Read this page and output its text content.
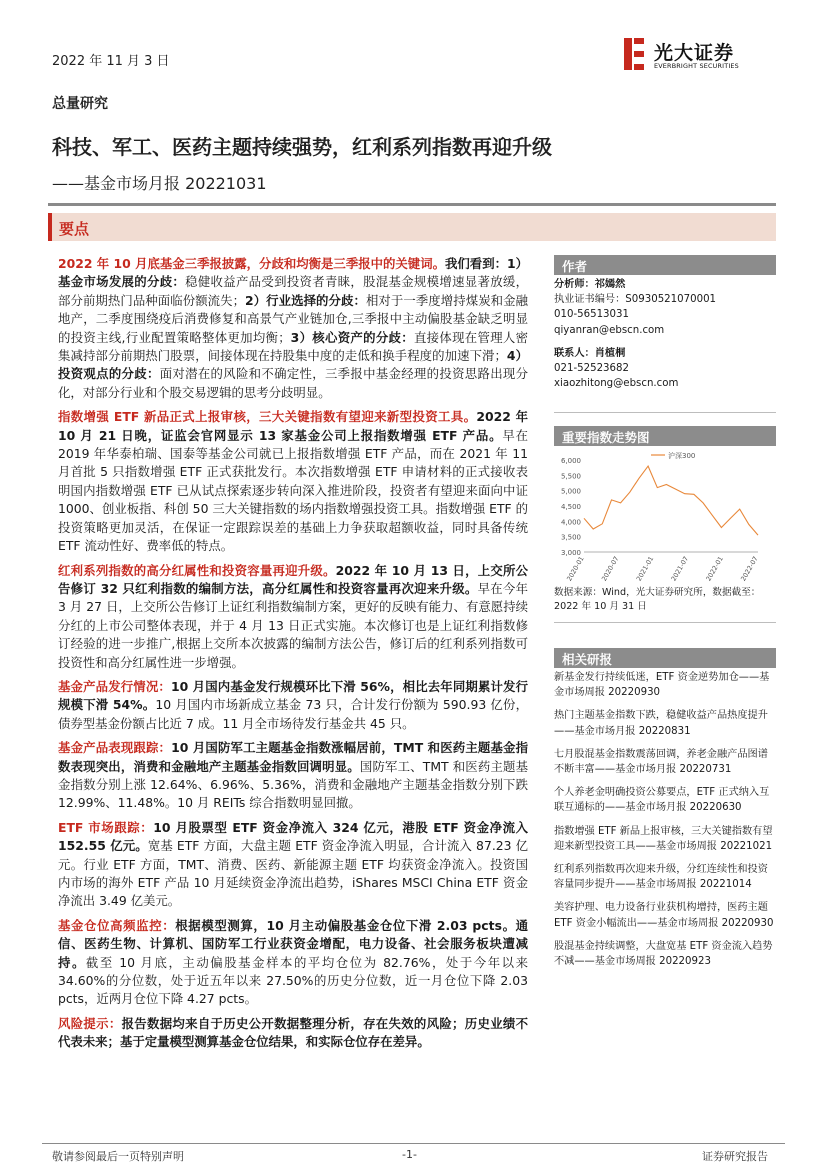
2022 年 11 月 3 日	光大证券
EVERBRIGHT SECURITIES
总量研究
科技、军工、医药主题持续强势，红利系列指数再迎升级
——基金市场月报 20221031
要点

2022 年 10 月底基金三季报披露，分歧和均衡是三季报中的关键词。我们看到：1）基金市场发展的分歧：稳健收益产品受到投资者青睐，股混基金规模增速显著放缓，部分前期热门品种面临份额流失；2）行业选择的分歧：相对于一季度增持煤炭和金融地产，二季度围绕疫后消费修复和高景气产业链加仓,三季报中主动偏股基金缺乏明显的投资主线,行业配置策略整体更加均衡；3）核心资产的分歧：直接体现在管理人密集减持部分前期热门股票，间接体现在持股集中度的走低和换手程度的加速下滑；4）投资观点的分歧：面对潜在的风险和不确定性，三季报中基金经理的投资思路出现分化，对部分行业和个股交易逻辑的思考分歧明显。

指数增强 ETF 新品正式上报审核，三大关键指数有望迎来新型投资工具。2022 年 10 月 21 日晚，证监会官网显示 13 家基金公司上报指数增强 ETF 产品。早在 2019 年华泰柏瑞、国泰等基金公司就已上报指数增强 ETF 产品，而在 2021 年 11 月首批 5 只指数增强 ETF 正式获批发行。本次指数增强 ETF 申请材料的正式接收表明国内指数增强 ETF 已从试点探索逐步转向深入推进阶段，投资者有望迎来面向中证 1000、创业板指、科创 50 三大关键指数的场内指数增强投资工具。指数增强 ETF 的投资策略更加灵活，在保证一定跟踪误差的基础上力争获取超额收益，同时具备传统 ETF 流动性好、费率低的特点。

红利系列指数的高分红属性和投资容量再迎升级。2022 年 10 月 13 日，上交所公告修订 32 只红利指数的编制方法，高分红属性和投资容量再次迎来升级。早在今年 3 月 27 日，上交所公告修订上证红利指数编制方案，更好的反映有能力、有意愿持续分红的上市公司整体表现，并于 4 月 13 日正式实施。本次修订也是上证红利指数修订经验的进一步推广,根据上交所本次披露的编制方法公告，修订后的红利系列指数可投资性和高分红属性进一步增强。

基金产品发行情况：10 月国内基金发行规模环比下滑 56%，相比去年同期累计发行规模下滑 54%。10 月国内市场新成立基金 73 只，合计发行份额为 590.93 亿份，债券型基金份额占比近 7 成。11 月全市场待发行基金共 45 只。

基金产品表现跟踪：10 月国防军工主题基金指数涨幅居前，TMT 和医药主题基金指数表现突出，消费和金融地产主题基金指数回调明显。国防军工、TMT 和医药主题基金指数分别上涨 12.64%、6.96%、5.36%，消费和金融地产主题基金指数分别下跌 12.99%、11.48%。10 月 REITs 综合指数明显回撤。

ETF 市场跟踪：10 月股票型 ETF 资金净流入 324 亿元，港股 ETF 资金净流入 152.55 亿元。宽基 ETF 方面，大盘主题 ETF 资金净流入明显，合计流入 87.23 亿元。行业 ETF 方面，TMT、消费、医药、新能源主题 ETF 均获资金净流入。投资国内市场的海外 ETF 产品 10 月延续资金净流出趋势，iShares MSCI China ETF 资金净流出 3.49 亿美元。

基金仓位高频监控：根据模型测算，10 月主动偏股基金仓位下滑 2.03 pcts。通信、医药生物、计算机、国防军工行业获资金增配，电力设备、社会服务板块遭减持。截至 10 月底，主动偏股基金样本的平均仓位为 82.76%，处于今年以来 34.60%的分位数，处于近五年以来 27.50%的历史分位数，近一月仓位下降 2.03 pcts，近两月仓位下降 4.27 pcts。

风险提示：报告数据均来自于历史公开数据整理分析，存在失效的风险；历史业绩不代表未来；基于定量模型测算基金仓位结果，和实际仓位存在差异。

作者
分析师：祁嫣然
执业证书编号：S0930521070001
010-56513031
qiyanran@ebscn.com
联系人：肖植桐
021-52523682
xiaozhitong@ebscn.com
重要指数走势图
3,000
3,500
4,000
4,500
5,000
5,500
6,000
2020-01 2020-07 2021-01 2021-07 2022-01 2022-07
沪深300
数据来源：Wind，光大证券研究所，数据截至：2022 年 10 月 31 日
相关研报
新基金发行持续低迷，ETF 资金逆势加仓——基金市场周报 20220930
热门主题基金指数下跌，稳健收益产品热度提升——基金市场月报 20220831
七月股混基金指数震荡回调，养老金融产品图谱不断丰富——基金市场月报 20220731
个人养老金明确投资公募要点，ETF 正式纳入互联互通标的——基金市场月报 20220630
指数增强 ETF 新品上报审核，三大关键指数有望迎来新型投资工具——基金市场周报 20221021
红利系列指数再次迎来升级，分红连续性和投资容量同步提升——基金市场周报 20221014
美容护理、电力设备行业获机构增持，医药主题 ETF 资金小幅流出——基金市场周报 20220930
股混基金持续调整，大盘宽基 ETF 资金流入趋势不减——基金市场周报 20220923
敬请参阅最后一页特别声明	-1-	证券研究报告
